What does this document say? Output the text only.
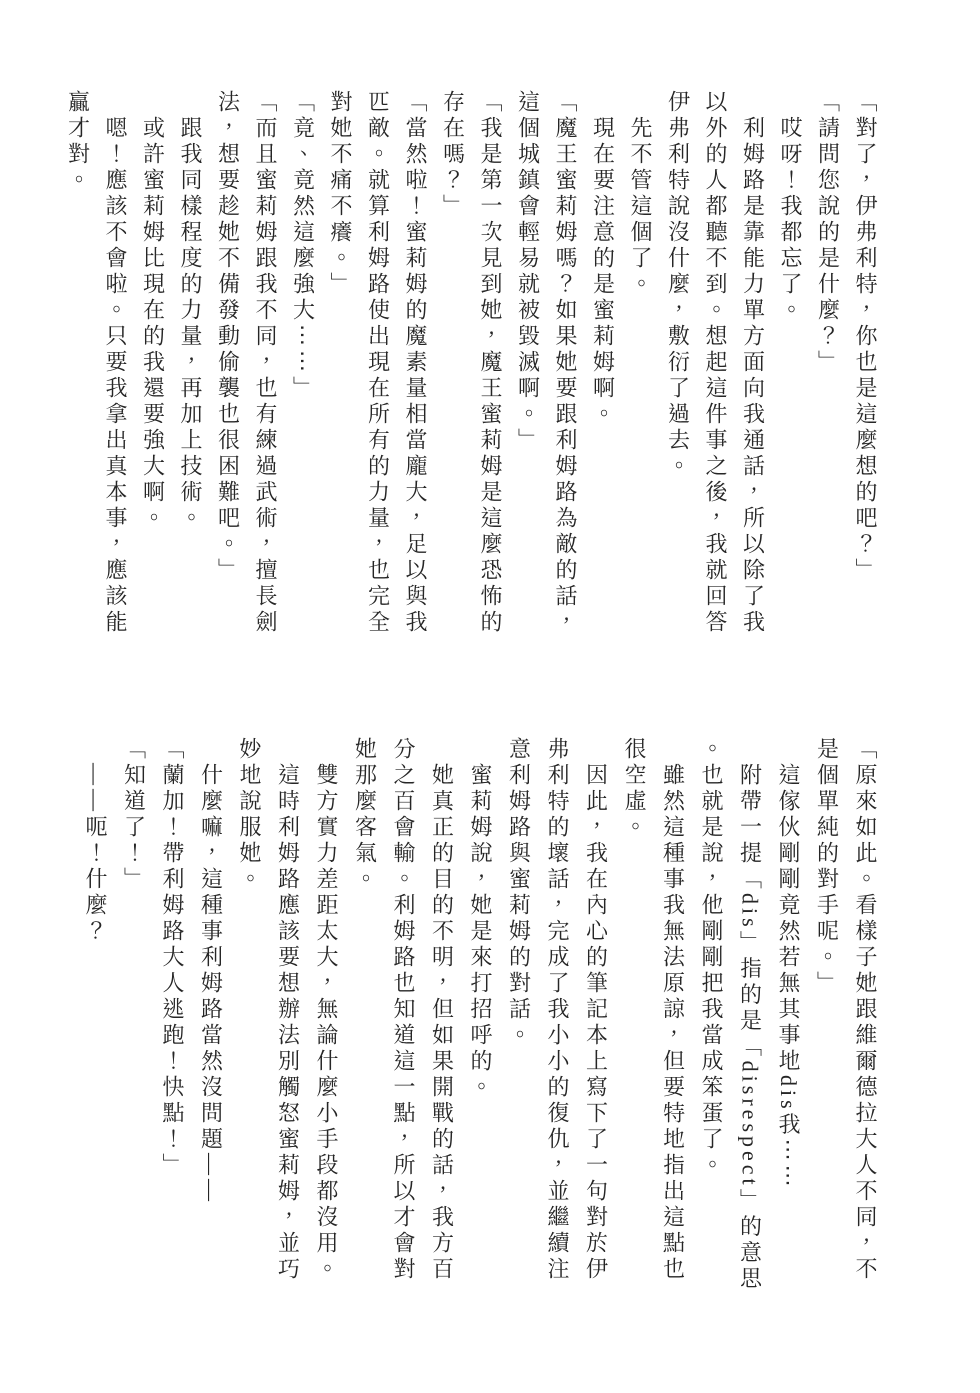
「對了，伊弗利特，你也是這麼想的吧？」
「請問您說的是什麼？」
　哎呀！我都忘了。
　利姆路是靠能力單方面向我通話，所以除了我
以外的人都聽不到。想起這件事之後，我就回答
伊弗利特說沒什麼，敷衍了過去。
　先不管這個了。
　現在要注意的是蜜莉姆啊。
「魔王蜜莉姆嗎？如果她要跟利姆路為敵的話，
這個城鎮會輕易就被毀滅啊。」
「我是第一次見到她，魔王蜜莉姆是這麼恐怖的
存在嗎？」
「當然啦！蜜莉姆的魔素量相當龐大，足以與我
匹敵。就算利姆路使出現在所有的力量，也完全
對她不痛不癢。」
「竟、竟然這麼強大⋯⋯」
「而且蜜莉姆跟我不同，也有練過武術，擅長劍
法，想要趁她不備發動偷襲也很困難吧。」
　跟我同樣程度的力量，再加上技術。
　或許蜜莉姆比現在的我還要強大啊。
　嗯！應該不會啦。只要我拿出真本事，應該能
贏才對。
「原來如此。看樣子她跟維爾德拉大人不同，不
是個單純的對手呢。」
　這傢伙剛剛竟然若無其事地dis我⋯⋯
　附帶一提「dis」指的是「disrespect」的意思
。也就是說，他剛剛把我當成笨蛋了。
　雖然這種事我無法原諒，但要特地指出這點也
很空虛。
　因此，我在內心的筆記本上寫下了一句對於伊
弗利特的壞話，完成了我小小的復仇，並繼續注
意利姆路與蜜莉姆的對話。
　蜜莉姆說，她是來打招呼的。
　她真正的目的不明，但如果開戰的話，我方百
分之百會輸。利姆路也知道這一點，所以才會對
她那麼客氣。
　雙方實力差距太大，無論什麼小手段都沒用。
　這時利姆路應該要想辦法別觸怒蜜莉姆，並巧
妙地說服她。
　什麼嘛，這種事利姆路當然沒問題——
「蘭加！帶利姆路大人逃跑！快點！」
「知道了！」
　——呃！什麼？
